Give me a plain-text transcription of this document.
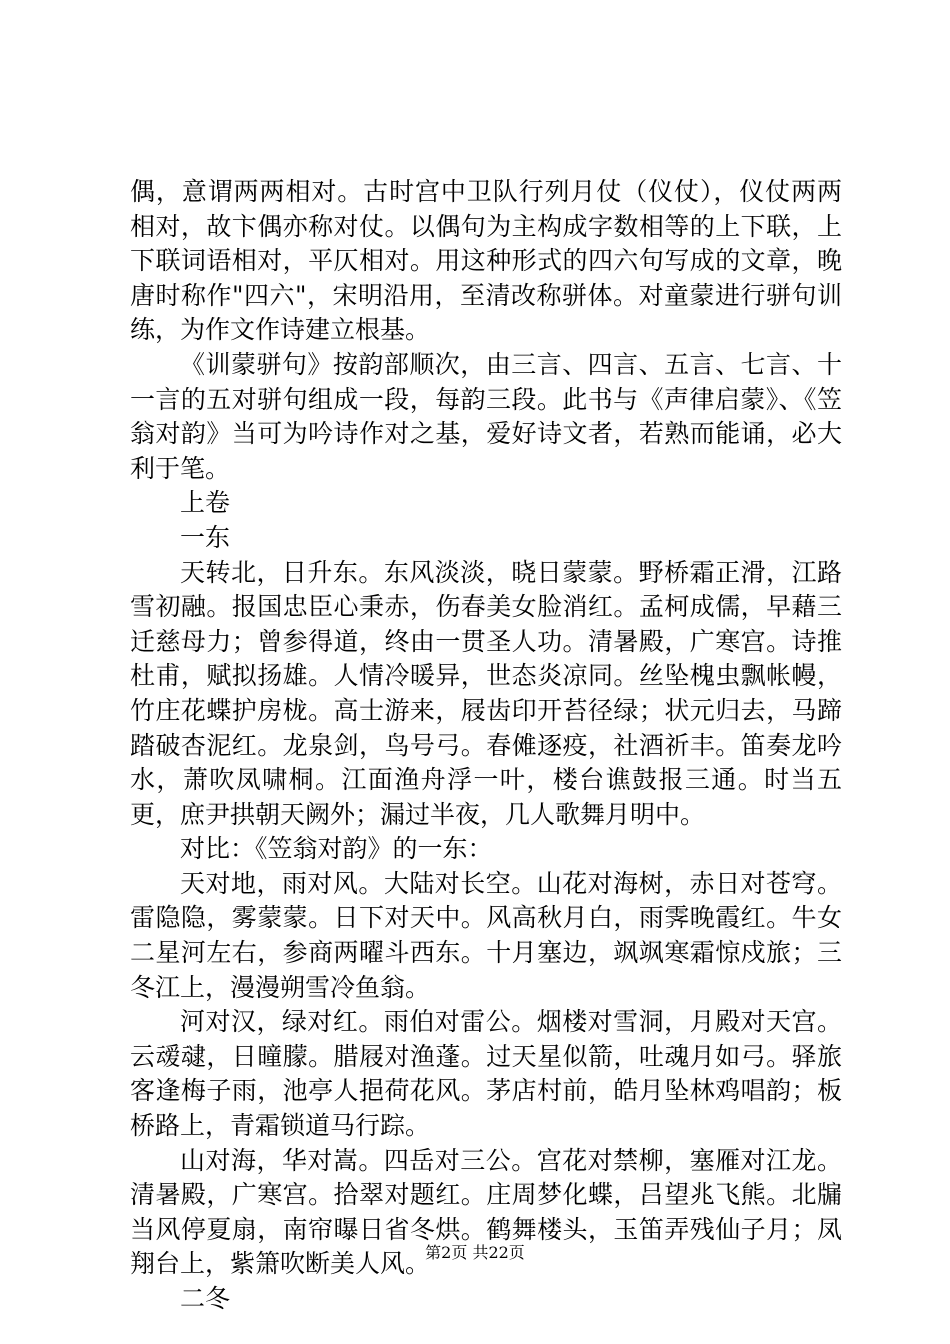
偶，意谓两两相对。古时宫中卫队行列月仗（仪仗），仪仗两两相对，故卞偶亦称对仗。以偶句为主构成字数相等的上下联，上下联词语相对，平仄相对。用这种形式的四六句写成的文章，晚唐时称作"四六"，宋明沿用，至清改称骈体。对童蒙进行骈句训练，为作文作诗建立根基。

《训蒙骈句》按韵部顺次，由三言、四言、五言、七言、十一言的五对骈句组成一段，每韵三段。此书与《声律启蒙》、《笠翁对韵》当可为吟诗作对之基，爱好诗文者，若熟而能诵，必大利于笔。

上卷

一东

天转北，日升东。东风淡淡，晓日蒙蒙。野桥霜正滑，江路雪初融。报国忠臣心秉赤，伤春美女脸消红。孟柯成儒，早藉三迁慈母力；曾参得道，终由一贯圣人功。清暑殿，广寒宫。诗推杜甫，赋拟扬雄。人情冷暖异，世态炎凉同。丝坠槐虫飘帐幔，竹庄花蝶护房栊。高士游来，屐齿印开苔径绿；状元归去，马蹄踏破杏泥红。龙泉剑，鸟号弓。春傩逐疫，社酒祈丰。笛奏龙吟水，萧吹凤啸桐。江面渔舟浮一叶，楼台谯鼓报三通。时当五更，庶尹拱朝天阙外；漏过半夜，几人歌舞月明中。

对比：《笠翁对韵》的一东：

天对地，雨对风。大陆对长空。山花对海树，赤日对苍穹。雷隐隐，雾蒙蒙。日下对天中。风高秋月白，雨霁晚霞红。牛女二星河左右，参商两曜斗西东。十月塞边，飒飒寒霜惊戍旅；三冬江上，漫漫朔雪冷鱼翁。

河对汉，绿对红。雨伯对雷公。烟楼对雪洞，月殿对天宫。云叆叇，日曈朦。腊屐对渔蓬。过天星似箭，吐魂月如弓。驿旅客逢梅子雨，池亭人挹荷花风。茅店村前，皓月坠林鸡唱韵；板桥路上，青霜锁道马行踪。

山对海，华对嵩。四岳对三公。宫花对禁柳，塞雁对江龙。清暑殿，广寒宫。拾翠对题红。庄周梦化蝶，吕望兆飞熊。北牖当风停夏扇，南帘曝日省冬烘。鹤舞楼头，玉笛弄残仙子月；凤翔台上，紫箫吹断美人风。

二冬

第2页 共22页
